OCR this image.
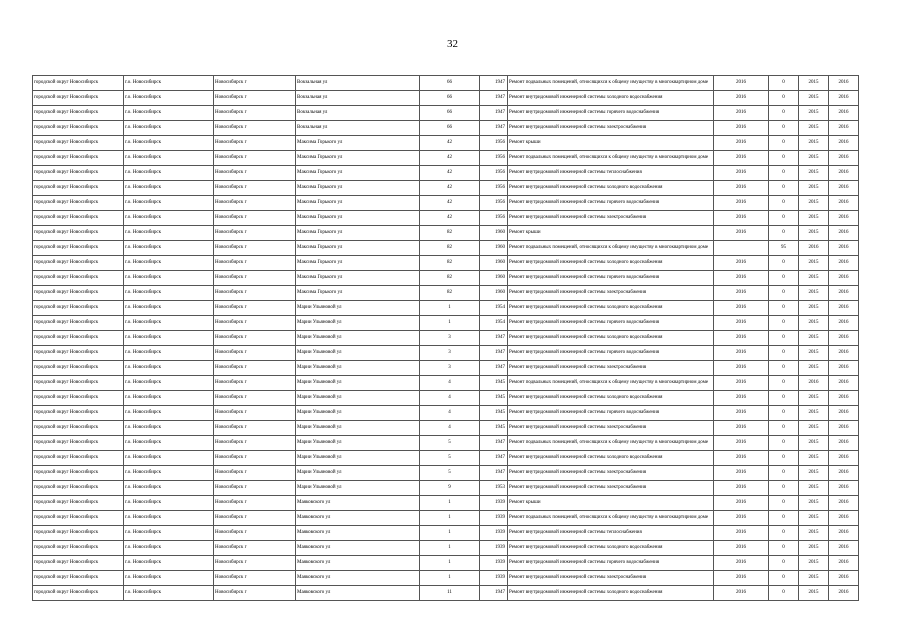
32
городской округ Новосибирск	г.о. Новосибирск	Новосибирск г	Вокзальная ул	66	1947	Ремонт подвальных помещений, относящихся к общему имуществу в многоквартирном доме	2016	0	2015	2016
городской округ Новосибирск	г.о. Новосибирск	Новосибирск г	Вокзальная ул	66	1947	Ремонт внутридомовой инженерной системы холодного водоснабжения	2016	0	2015	2016
городской округ Новосибирск	г.о. Новосибирск	Новосибирск г	Вокзальная ул	66	1947	Ремонт внутридомовой инженерной системы горячего водоснабжения	2016	0	2015	2016
городской округ Новосибирск	г.о. Новосибирск	Новосибирск г	Вокзальная ул	66	1947	Ремонт внутридомовой инженерной системы электроснабжения	2016	0	2015	2016
городской округ Новосибирск	г.о. Новосибирск	Новосибирск г	Максима Горького ул	42	1956	Ремонт крыши	2016	0	2015	2016
городской округ Новосибирск	г.о. Новосибирск	Новосибирск г	Максима Горького ул	42	1956	Ремонт подвальных помещений, относящихся к общему имуществу в многоквартирном доме	2016	0	2015	2016
городской округ Новосибирск	г.о. Новосибирск	Новосибирск г	Максима Горького ул	42	1956	Ремонт внутридомовой инженерной системы теплоснабжения	2016	0	2015	2016
городской округ Новосибирск	г.о. Новосибирск	Новосибирск г	Максима Горького ул	42	1956	Ремонт внутридомовой инженерной системы холодного водоснабжения	2016	0	2015	2016
городской округ Новосибирск	г.о. Новосибирск	Новосибирск г	Максима Горького ул	42	1956	Ремонт внутридомовой инженерной системы горячего водоснабжения	2016	0	2015	2016
городской округ Новосибирск	г.о. Новосибирск	Новосибирск г	Максима Горького ул	42	1956	Ремонт внутридомовой инженерной системы электроснабжения	2016	0	2015	2016
городской округ Новосибирск	г.о. Новосибирск	Новосибирск г	Максима Горького ул	82	1960	Ремонт крыши	2016	0	2015	2016
городской округ Новосибирск	г.о. Новосибирск	Новосибирск г	Максима Горького ул	82	1960	Ремонт подвальных помещений, относящихся к общему имуществу в многоквартирном доме		95	2016	2016
городской округ Новосибирск	г.о. Новосибирск	Новосибирск г	Максима Горького ул	82	1960	Ремонт внутридомовой инженерной системы холодного водоснабжения	2016	0	2015	2016
городской округ Новосибирск	г.о. Новосибирск	Новосибирск г	Максима Горького ул	82	1960	Ремонт внутридомовой инженерной системы горячего водоснабжения	2016	0	2015	2016
городской округ Новосибирск	г.о. Новосибирск	Новосибирск г	Максима Горького ул	82	1960	Ремонт внутридомовой инженерной системы электроснабжения	2016	0	2015	2016
городской округ Новосибирск	г.о. Новосибирск	Новосибирск г	Марии Ульяновой ул	1	1954	Ремонт внутридомовой инженерной системы холодного водоснабжения	2016	0	2015	2016
городской округ Новосибирск	г.о. Новосибирск	Новосибирск г	Марии Ульяновой ул	1	1954	Ремонт внутридомовой инженерной системы горячего водоснабжения	2016	0	2015	2016
городской округ Новосибирск	г.о. Новосибирск	Новосибирск г	Марии Ульяновой ул	3	1947	Ремонт внутридомовой инженерной системы холодного водоснабжения	2016	0	2015	2016
городской округ Новосибирск	г.о. Новосибирск	Новосибирск г	Марии Ульяновой ул	3	1947	Ремонт внутридомовой инженерной системы горячего водоснабжения	2016	0	2015	2016
городской округ Новосибирск	г.о. Новосибирск	Новосибирск г	Марии Ульяновой ул	3	1947	Ремонт внутридомовой инженерной системы электроснабжения	2016	0	2015	2016
городской округ Новосибирск	г.о. Новосибирск	Новосибирск г	Марии Ульяновой ул	4	1945	Ремонт подвальных помещений, относящихся к общему имуществу в многоквартирном доме	2016	0	2016	2016
городской округ Новосибирск	г.о. Новосибирск	Новосибирск г	Марии Ульяновой ул	4	1945	Ремонт внутридомовой инженерной системы холодного водоснабжения	2016	0	2015	2016
городской округ Новосибирск	г.о. Новосибирск	Новосибирск г	Марии Ульяновой ул	4	1945	Ремонт внутридомовой инженерной системы горячего водоснабжения	2016	0	2015	2016
городской округ Новосибирск	г.о. Новосибирск	Новосибирск г	Марии Ульяновой ул	4	1945	Ремонт внутридомовой инженерной системы электроснабжения	2016	0	2015	2016
городской округ Новосибирск	г.о. Новосибирск	Новосибирск г	Марии Ульяновой ул	5	1947	Ремонт подвальных помещений, относящихся к общему имуществу в многоквартирном доме	2016	0	2015	2016
городской округ Новосибирск	г.о. Новосибирск	Новосибирск г	Марии Ульяновой ул	5	1947	Ремонт внутридомовой инженерной системы холодного водоснабжения	2016	0	2015	2016
городской округ Новосибирск	г.о. Новосибирск	Новосибирск г	Марии Ульяновой ул	5	1947	Ремонт внутридомовой инженерной системы электроснабжения	2016	0	2015	2016
городской округ Новосибирск	г.о. Новосибирск	Новосибирск г	Марии Ульяновой ул	9	1953	Ремонт внутридомовой инженерной системы электроснабжения	2016	0	2015	2016
городской округ Новосибирск	г.о. Новосибирск	Новосибирск г	Маяковского ул	1	1939	Ремонт крыши	2016	0	2015	2016
городской округ Новосибирск	г.о. Новосибирск	Новосибирск г	Маяковского ул	1	1939	Ремонт подвальных помещений, относящихся к общему имуществу в многоквартирном доме	2016	0	2015	2016
городской округ Новосибирск	г.о. Новосибирск	Новосибирск г	Маяковского ул	1	1939	Ремонт внутридомовой инженерной системы теплоснабжения	2016	0	2015	2016
городской округ Новосибирск	г.о. Новосибирск	Новосибирск г	Маяковского ул	1	1939	Ремонт внутридомовой инженерной системы холодного водоснабжения	2016	0	2015	2016
городской округ Новосибирск	г.о. Новосибирск	Новосибирск г	Маяковского ул	1	1939	Ремонт внутридомовой инженерной системы горячего водоснабжения	2016	0	2015	2016
городской округ Новосибирск	г.о. Новосибирск	Новосибирск г	Маяковского ул	1	1939	Ремонт внутридомовой инженерной системы электроснабжения	2016	0	2015	2016
городской округ Новосибирск	г.о. Новосибирск	Новосибирск г	Маяковского ул	11	1947	Ремонт внутридомовой инженерной системы холодного водоснабжения	2016	0	2015	2016
